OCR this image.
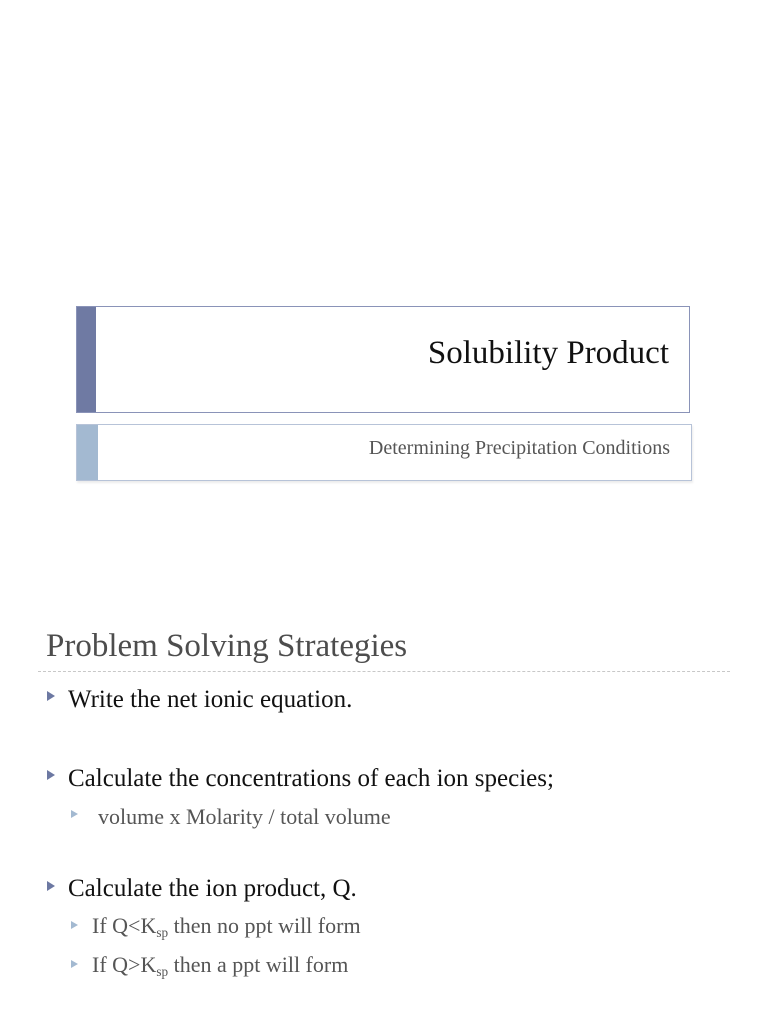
Solubility Product
Determining Precipitation Conditions
Problem Solving Strategies
Write the net ionic equation.
Calculate the concentrations of each ion species;
volume x Molarity / total volume
Calculate the ion product, Q.
If $Q<K_{sp}$ then no ppt will form
If $Q>K_{sp}$ then a ppt will form
